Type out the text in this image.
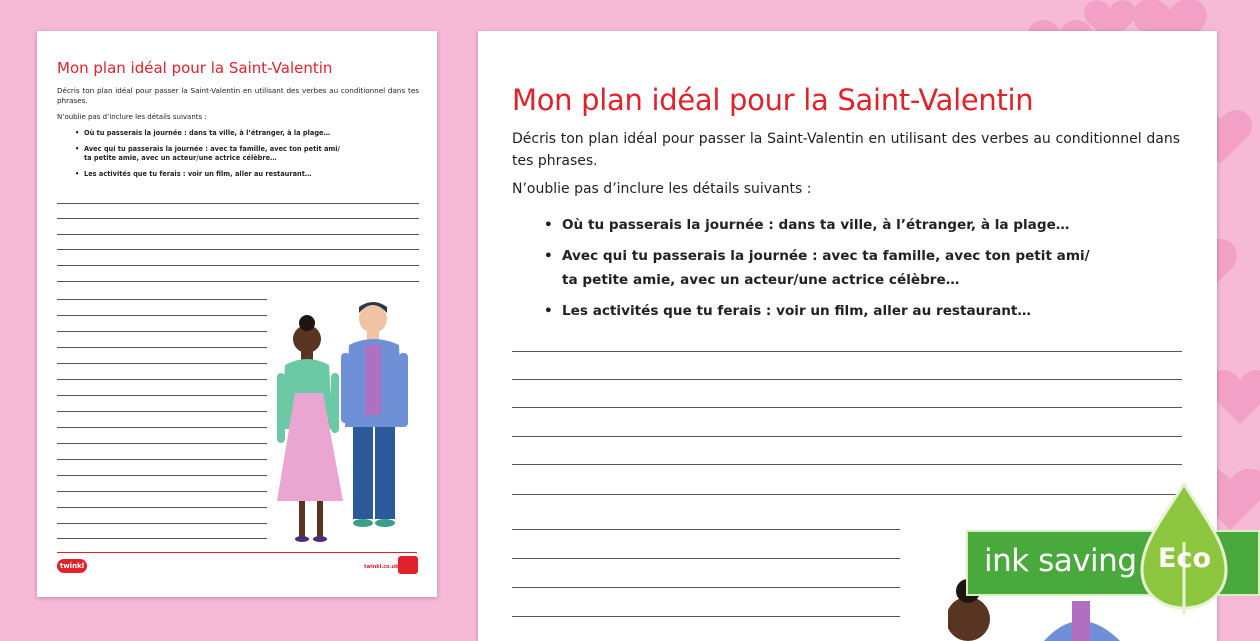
Mon plan idéal pour la Saint-Valentin

Décris ton plan idéal pour passer la Saint-Valentin en utilisant des verbes au conditionnel dans tes phrases.

N’oublie pas d’inclure les détails suivants :

• Où tu passerais la journée : dans ta ville, à l’étranger, à la plage…
• Avec qui tu passerais la journée : avec ta famille, avec ton petit ami/
ta petite amie, avec un acteur/une actrice célèbre…
• Les activités que tu ferais : voir un film, aller au restaurant…
twinkl	twinkl.co.uk
Mon plan idéal pour la Saint-Valentin

Décris ton plan idéal pour passer la Saint-Valentin en utilisant des verbes au conditionnel dans tes phrases.

N’oublie pas d’inclure les détails suivants :

• Où tu passerais la journée : dans ta ville, à l’étranger, à la plage…
• Avec qui tu passerais la journée : avec ta famille, avec ton petit ami/
ta petite amie, avec un acteur/une actrice célèbre…
• Les activités que tu ferais : voir un film, aller au restaurant…
ink saving Eco
